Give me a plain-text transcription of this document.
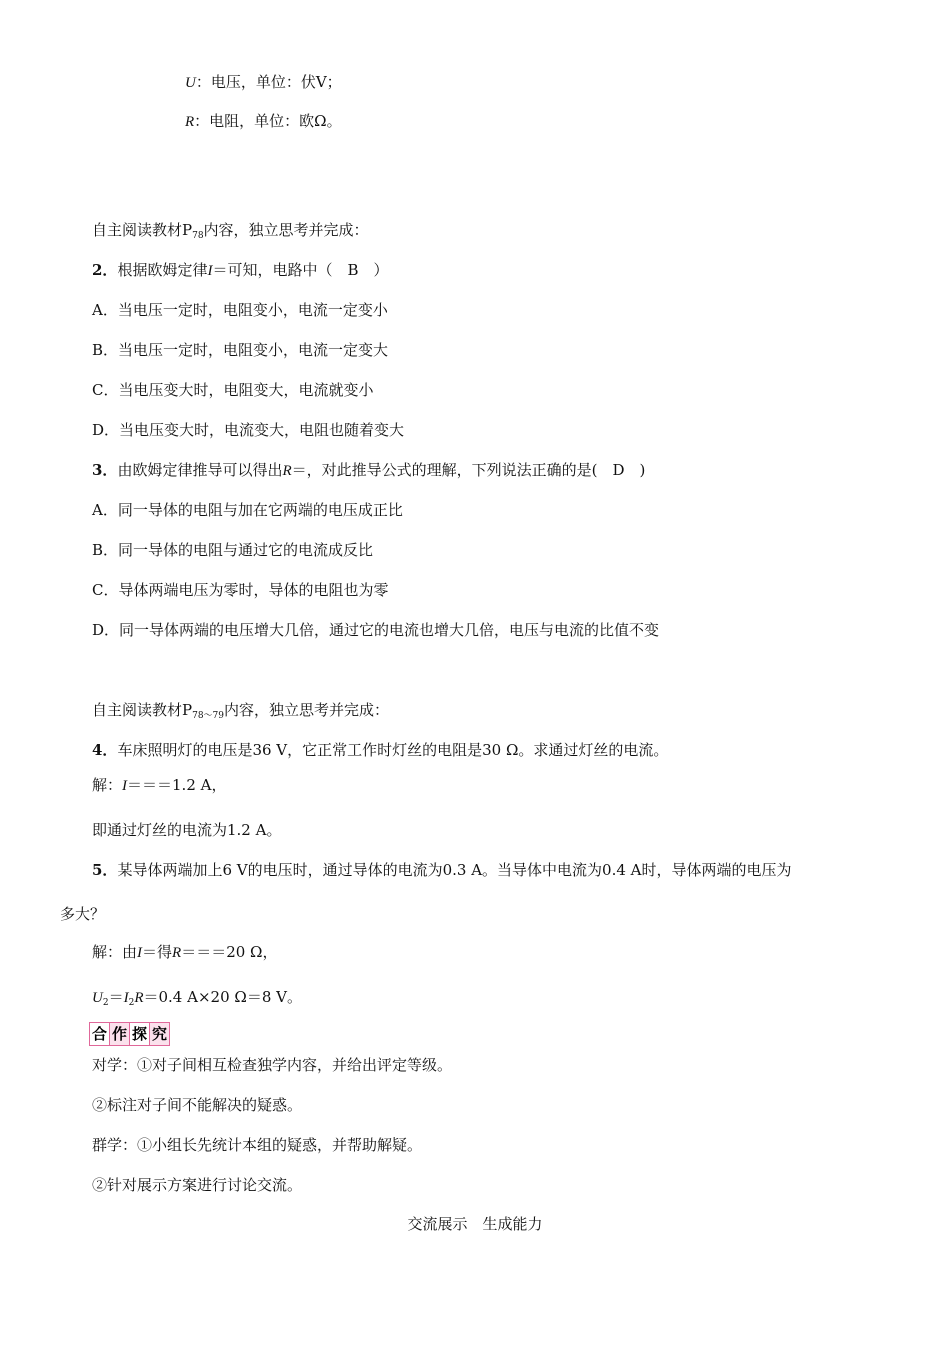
U：电压，单位：伏V；
R：电阻，单位：欧Ω。
自主阅读教材$P_{78}$内容，独立思考并完成：
2．根据欧姆定律I＝可知，电路中（　B　）
A．当电压一定时，电阻变小，电流一定变小
B．当电压一定时，电阻变小，电流一定变大
C．当电压变大时，电阻变大，电流就变小
D．当电压变大时，电流变大，电阻也随着变大
3．由欧姆定律推导可以得出R＝，对此推导公式的理解，下列说法正确的是(　D　)
A．同一导体的电阻与加在它两端的电压成正比
B．同一导体的电阻与通过它的电流成反比
C．导体两端电压为零时，导体的电阻也为零
D．同一导体两端的电压增大几倍，通过它的电流也增大几倍，电压与电流的比值不变
自主阅读教材$P_{78\sim 79}$内容，独立思考并完成：
4．车床照明灯的电压是36 V，它正常工作时灯丝的电阻是30 Ω。求通过灯丝的电流。
解：I＝＝＝1.2 A，
即通过灯丝的电流为1.2 A。
5．某导体两端加上6 V的电压时，通过导体的电流为0.3 A。当导体中电流为0.4 A时，导体两端的电压为
多大？
解：由I＝得R＝＝＝20 Ω，
$U_2=I_2R=0.4$ A×20 Ω＝8 V。
合 作 探 究
对学：①对子间相互检查独学内容，并给出评定等级。
②标注对子间不能解决的疑惑。
群学：①小组长先统计本组的疑惑，并帮助解疑。
②针对展示方案进行讨论交流。
交流展示　生成能力
